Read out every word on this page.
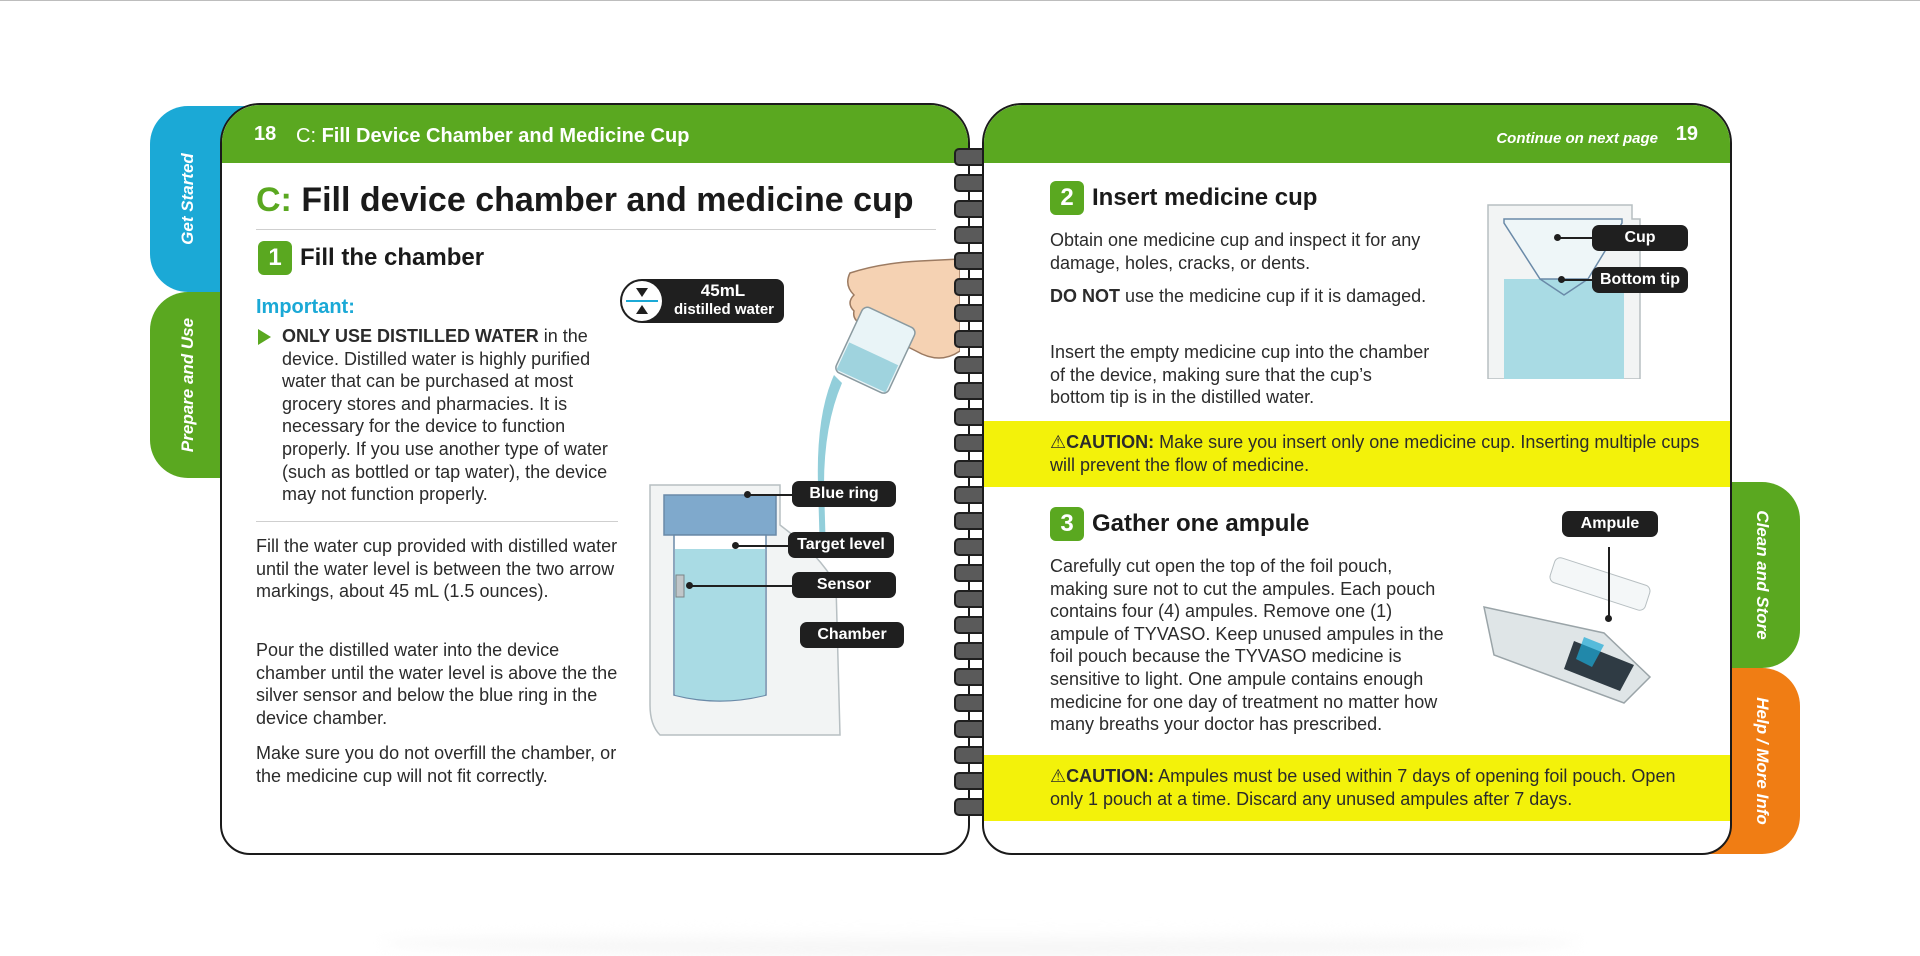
Get Started
Prepare and Use
Clean and Store
Help / More Info
18 C: Fill Device Chamber and Medicine Cup
C: Fill device chamber and medicine cup
1 Fill the chamber
Important:
ONLY USE DISTILLED WATER in the device. Distilled water is highly purified water that can be purchased at most grocery stores and pharmacies. It is necessary for the device to function properly. If you use another type of water (such as bottled or tap water), the device may not function properly.
Fill the water cup provided with distilled water until the water level is between the two arrow markings, about 45 mL (1.5 ounces).
Pour the distilled water into the device chamber until the water level is above the the silver sensor and below the blue ring in the device chamber.
Make sure you do not overfill the chamber, or the medicine cup will not fit correctly.
45mL
distilled water
Blue ring
Target level
Sensor
Chamber
Continue on next page 19
2 Insert medicine cup
Obtain one medicine cup and inspect it for any damage, holes, cracks, or dents.
DO NOT use the medicine cup if it is damaged.
Insert the empty medicine cup into the chamber of the device, making sure that the cup’s bottom tip is in the distilled water.
Cup
Bottom tip
⚠CAUTION: Make sure you insert only one medicine cup. Inserting multiple cups will prevent the flow of medicine.
3 Gather one ampule
Carefully cut open the top of the foil pouch, making sure not to cut the ampules. Each pouch contains four (4) ampules. Remove one (1) ampule of TYVASO. Keep unused ampules in the foil pouch because the TYVASO medicine is sensitive to light. One ampule contains enough medicine for one day of treatment no matter how many breaths your doctor has prescribed.
Ampule
⚠CAUTION: Ampules must be used within 7 days of opening foil pouch. Open only 1 pouch at a time. Discard any unused ampules after 7 days.
